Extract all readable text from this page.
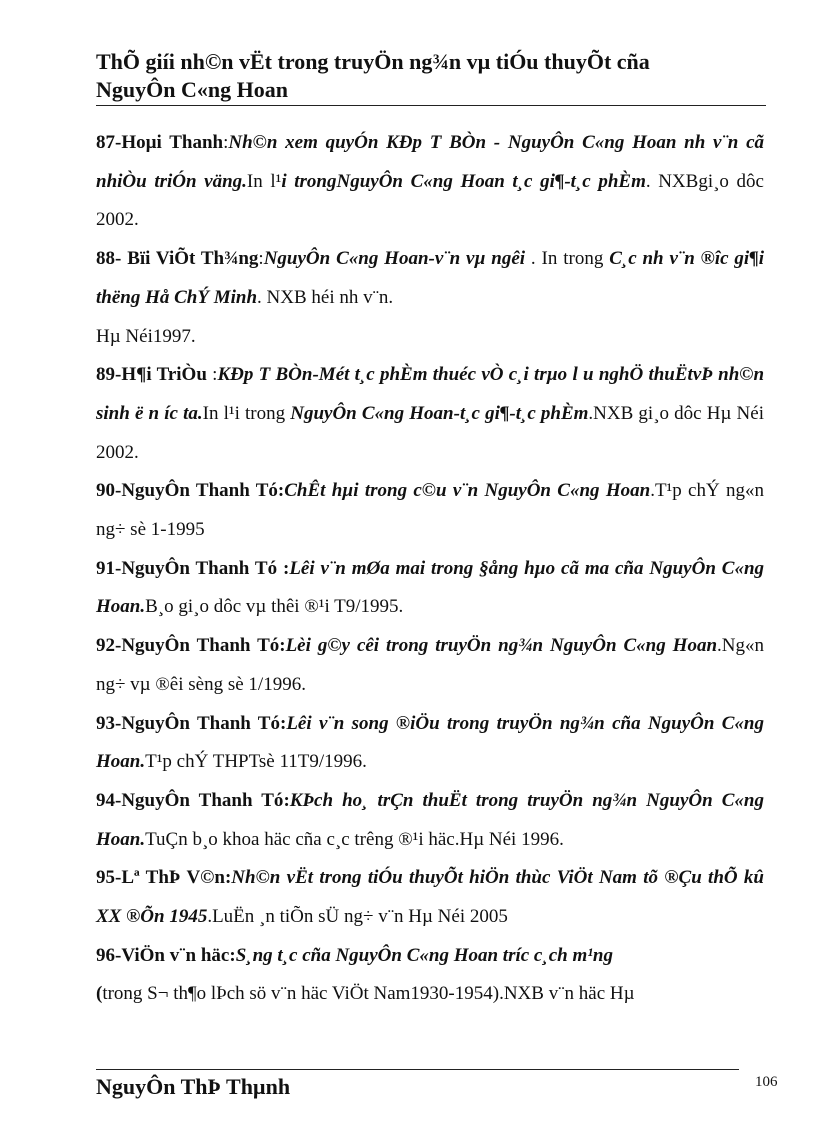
ThÕ giíi nh©n vËt trong truyÖn ng¾n vµ tiÓu thuyÕt cña
NguyÔn C«ng Hoan

87-Hoµi Thanh:Nh©n xem quyÓn KÐp T BÒn - NguyÔn C«ng Hoan nh v¨n cã nhiÒu triÓn väng.In l¹i trongNguyÔn C«ng Hoan t¸c gi¶-t¸c phÈm. NXBgi¸o dôc 2002.

88- Bïi ViÕt Th¾ng:NguyÔn C«ng Hoan-v¨n vµ ngêi . In trong C¸c nh v¨n ®îc gi¶i thëng Hå ChÝ Minh. NXB héi nh v¨n.
Hµ Néi1997.

89-H¶i TriÒu :KÐp T BÒn-Mét t¸c phÈm thuéc vÒ c¸i trµo l u nghÖ thuËtvÞ nh©n sinh ë n íc ta.In l¹i trong NguyÔn C«ng Hoan-t¸c gi¶-t¸c phÈm.NXB gi¸o dôc Hµ Néi 2002.

90-NguyÔn Thanh Tó:ChÊt hµi trong c©u v¨n NguyÔn C«ng Hoan.T¹p chÝ ng«n ng÷ sè 1-1995

91-NguyÔn Thanh Tó :Lêi v¨n mØa mai trong §ång hµo cã ma cña NguyÔn C«ng Hoan.B¸o gi¸o dôc vµ thêi ®¹i T9/1995.

92-NguyÔn Thanh Tó:Lèi g©y cêi trong truyÖn ng¾n NguyÔn C«ng Hoan.Ng«n ng÷ vµ ®êi sèng sè 1/1996.

93-NguyÔn Thanh Tó:Lêi v¨n song ®iÖu trong truyÖn ng¾n cña NguyÔn C«ng Hoan.T¹p chÝ THPTsè 11T9/1996.

94-NguyÔn Thanh Tó:KÞch ho¸ trÇn thuËt trong truyÖn ng¾n NguyÔn C«ng Hoan.TuÇn b¸o khoa häc cña c¸c trêng ®¹i häc.Hµ Néi 1996.

95-Lª ThÞ V©n:Nh©n vËt trong tiÓu thuyÕt hiÖn thùc ViÖt Nam tõ ®Çu thÕ kû XX ®Õn 1945.LuËn ¸n tiÕn sÜ ng÷ v¨n Hµ Néi 2005

96-ViÖn v¨n häc:S¸ng t¸c cña NguyÔn C«ng Hoan tríc c¸ch m¹ng
(trong S¬ th¶o lÞch sö v¨n häc ViÖt Nam1930-1954).NXB v¨n häc Hµ

NguyÔn ThÞ Thµnh	106
